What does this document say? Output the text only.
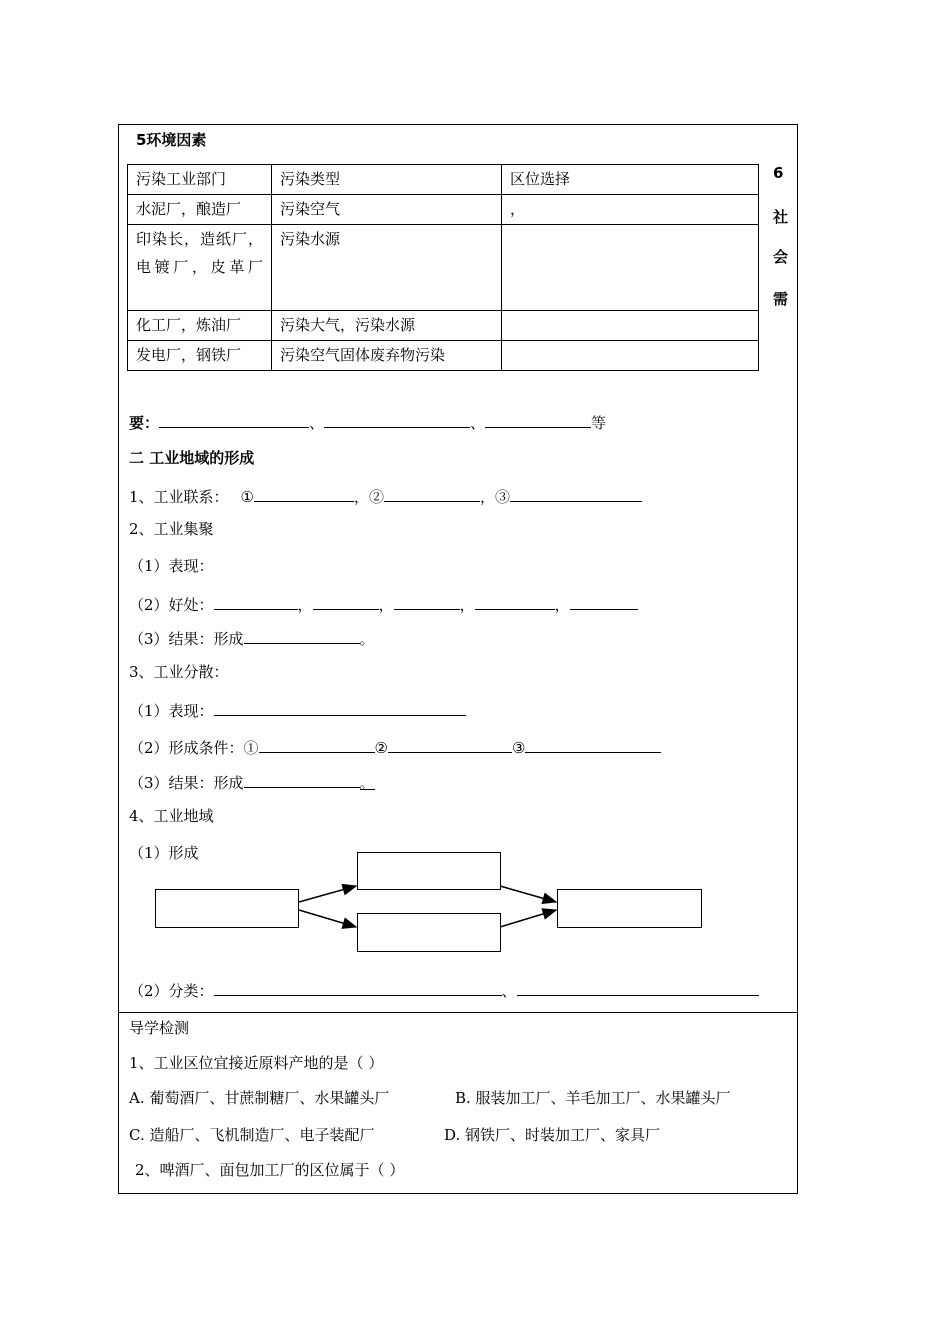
5环境因素
污染工业部门	污染类型	区位选择
水泥厂，酿造厂	污染空气	，
印染长，造纸厂，电镀厂，皮革厂	污染水源	
化工厂，炼油厂	污染大气，污染水源	
发电厂，钢铁厂	污染空气固体废弃物污染	
6
社
会
需
要：	、	、	等
二 工业地域的形成
1、工业联系： ①	，②	，③
2、工业集聚
（1）表现：
（2）好处：	，	，	，	，
（3）结果：形成	。
3、工业分散：
（1）表现：
（2）形成条件：①	②	③
（3）结果：形成	。
4、工业地域
（1）形成
（2）分类：	、
导学检测
1、工业区位宜接近原料产地的是（ ）
A. 葡萄酒厂、甘蔗制糖厂、水果罐头厂	B. 服装加工厂、羊毛加工厂、水果罐头厂
C. 造船厂、飞机制造厂、电子装配厂	D. 钢铁厂、时装加工厂、家具厂
2、啤酒厂、面包加工厂的区位属于（ ）
